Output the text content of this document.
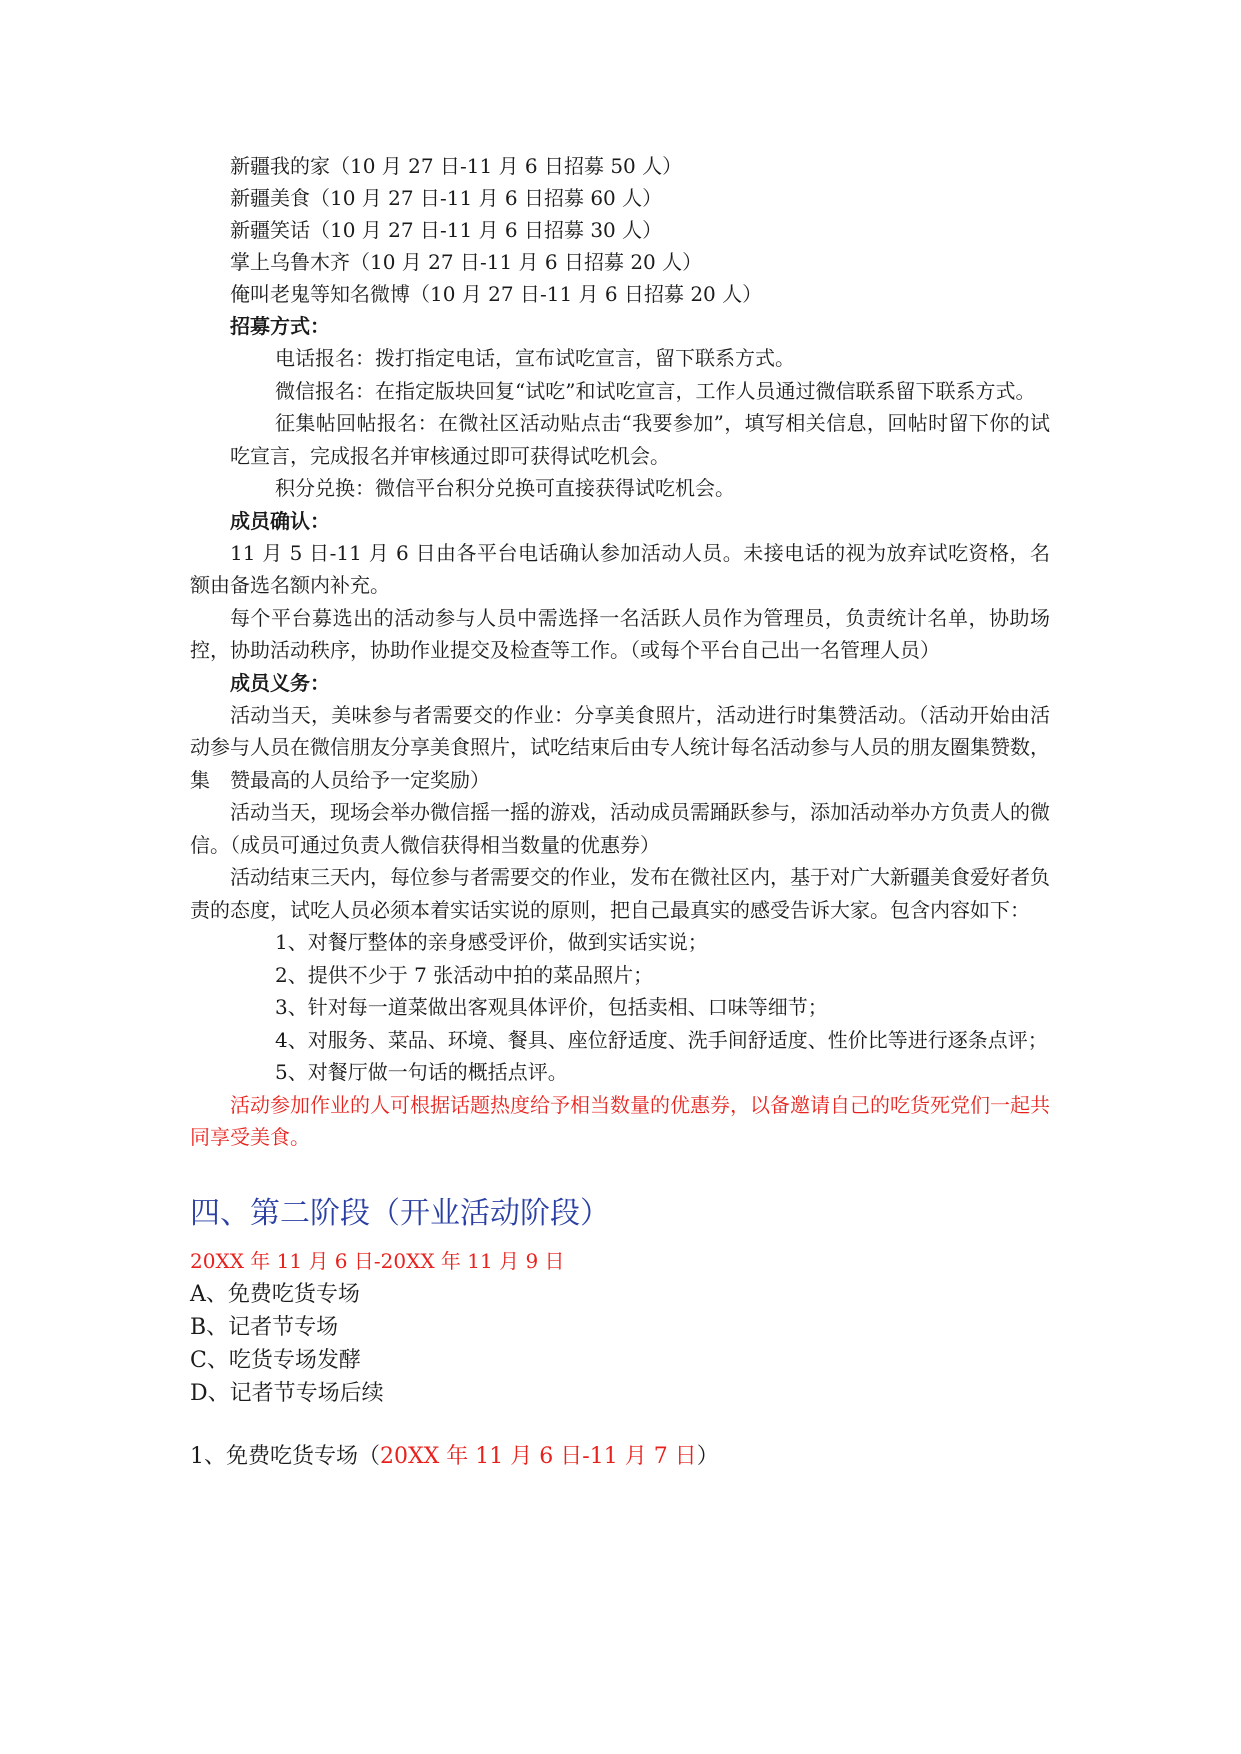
新疆我的家（10 月 27 日-11 月 6 日招募 50 人）
新疆美食（10 月 27 日-11 月 6 日招募 60 人）
新疆笑话（10 月 27 日-11 月 6 日招募 30 人）
掌上乌鲁木齐（10 月 27 日-11 月 6 日招募 20 人）
俺叫老鬼等知名微博（10 月 27 日-11 月 6 日招募 20 人）
招募方式：
电话报名：拨打指定电话，宣布试吃宣言，留下联系方式。
微信报名：在指定版块回复“试吃”和试吃宣言，工作人员通过微信联系留下联系方式。
征集帖回帖报名：在微社区活动贴点击“我要参加”，填写相关信息，回帖时留下你的试吃宣言，完成报名并审核通过即可获得试吃机会。
积分兑换：微信平台积分兑换可直接获得试吃机会。
成员确认：
11 月 5 日-11 月 6 日由各平台电话确认参加活动人员。未接电话的视为放弃试吃资格，名额由备选名额内补充。
每个平台募选出的活动参与人员中需选择一名活跃人员作为管理员，负责统计名单，协助场控，协助活动秩序，协助作业提交及检查等工作。（或每个平台自己出一名管理人员）
成员义务：
活动当天，美味参与者需要交的作业：分享美食照片，活动进行时集赞活动。（活动开始由活动参与人员在微信朋友分享美食照片，试吃结束后由专人统计每名活动参与人员的朋友圈集赞数，集　赞最高的人员给予一定奖励）
活动当天，现场会举办微信摇一摇的游戏，活动成员需踊跃参与，添加活动举办方负责人的微信。（成员可通过负责人微信获得相当数量的优惠券）
活动结束三天内，每位参与者需要交的作业，发布在微社区内，基于对广大新疆美食爱好者负责的态度，试吃人员必须本着实话实说的原则，把自己最真实的感受告诉大家。包含内容如下：
1、对餐厅整体的亲身感受评价，做到实话实说；
2、提供不少于 7 张活动中拍的菜品照片；
3、针对每一道菜做出客观具体评价，包括卖相、口味等细节；
4、对服务、菜品、环境、餐具、座位舒适度、洗手间舒适度、性价比等进行逐条点评；
5、对餐厅做一句话的概括点评。
活动参加作业的人可根据话题热度给予相当数量的优惠券，以备邀请自己的吃货死党们一起共同享受美食。
四、第二阶段（开业活动阶段）
20XX 年 11 月 6 日-20XX 年 11 月 9 日
A、免费吃货专场
B、记者节专场
C、吃货专场发酵
D、记者节专场后续
1、免费吃货专场（20XX 年 11 月 6 日-11 月 7 日）
